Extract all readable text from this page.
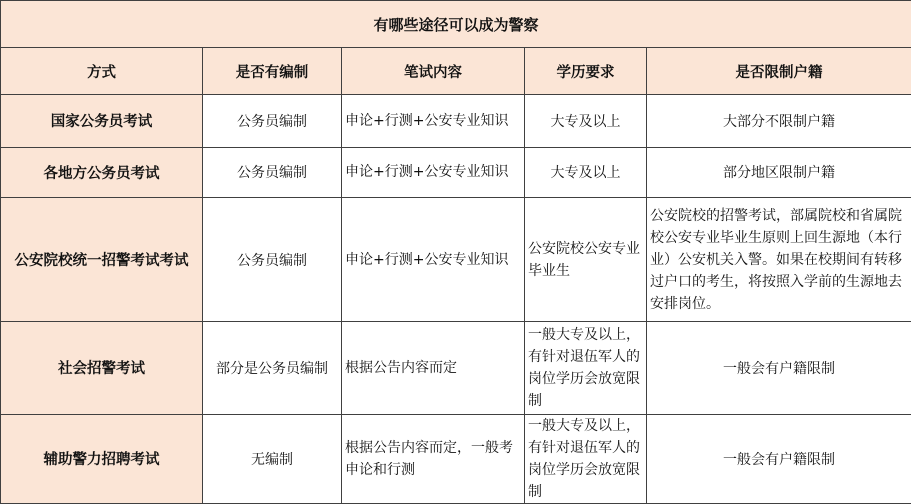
有哪些途径可以成为警察				
方式	是否有编制	笔试内容	学历要求	是否限制户籍
国家公务员考试	公务员编制	申论+行测+公安专业知识	大专及以上	大部分不限制户籍
各地方公务员考试	公务员编制	申论+行测+公安专业知识	大专及以上	部分地区限制户籍
公安院校统一招警考试考试	公务员编制	申论+行测+公安专业知识	公安院校公安专业毕业生	公安院校的招警考试，部属院校和省属院校公安专业毕业生原则上回生源地（本行业）公安机关入警。如果在校期间有转移过户口的考生，将按照入学前的生源地去安排岗位。
社会招警考试	部分是公务员编制	根据公告内容而定	一般大专及以上，有针对退伍军人的岗位学历会放宽限制	一般会有户籍限制
辅助警力招聘考试	无编制	根据公告内容而定，一般考申论和行测	一般大专及以上，有针对退伍军人的岗位学历会放宽限制	一般会有户籍限制
